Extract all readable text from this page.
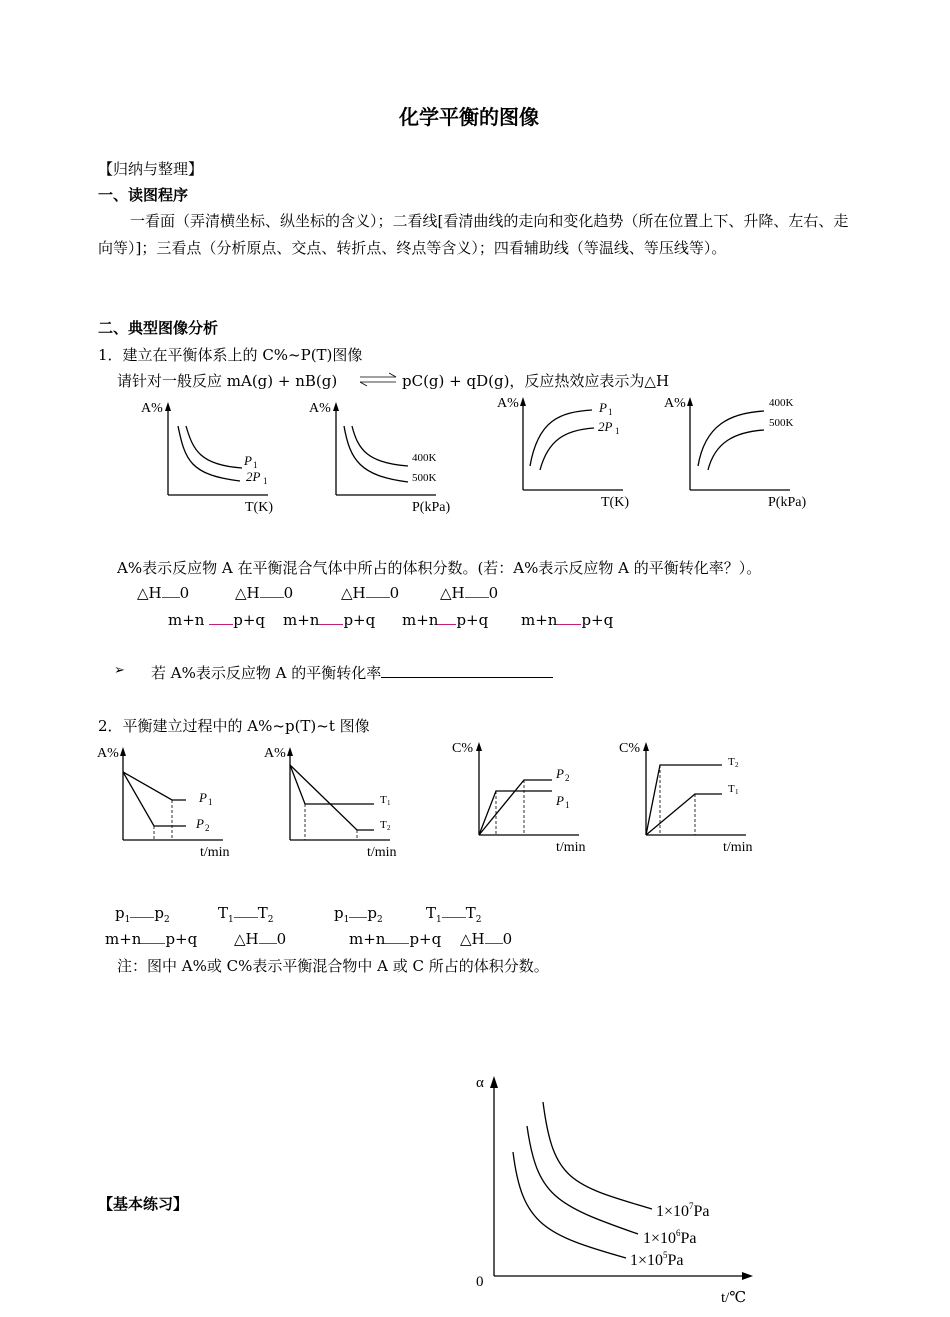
化学平衡的图像
【归纳与整理】
一、读图程序
一看面（弄清横坐标、纵坐标的含义）；二看线[看清曲线的走向和变化趋势（所在位置上下、升降、左右、走向等）]；三看点（分析原点、交点、转折点、终点等含义）；四看辅助线（等温线、等压线等）。
二、典型图像分析
1．建立在平衡体系上的 C%~P(T)图像
请针对一般反应 mA(g) + nB(g)	pC(g) + qD(g)，反应热效应表示为△H
A%
T(K)
P 1
2P 1
A%
P(kPa)
400K
500K
A%
T(K)
P 1
2P 1
A%
P(kPa)
400K
500K
A%
t/min
P 1
P 2
A%
t/min
T 1
T 2
C%
t/min
P 2
P 1
C%
t/min
T 2
T 1
α
0
t/℃
$1\times 10^7Pa$
$1\times 10^6Pa$
$1\times 10^5Pa$
A%表示反应物 A 在平衡混合气体中所占的体积分数。(若：A%表示反应物 A 的平衡转化率？）。
△H 0	△H 0	△H 0	△H 0
m+n p+q m+n p+q m+n p+q m+n p+q
➢ 若 A%表示反应物 A 的平衡转化率
2．平衡建立过程中的 A%~p(T)~t 图像
$p_1$ $p_2$	$T_1$ $T_2$	$p_1$ $p_2$	$T_1$ $T_2$
m+n p+q △H 0	m+n p+q △H 0
注：图中 A%或 C%表示平衡混合物中 A 或 C 所占的体积分数。
【基本练习】
